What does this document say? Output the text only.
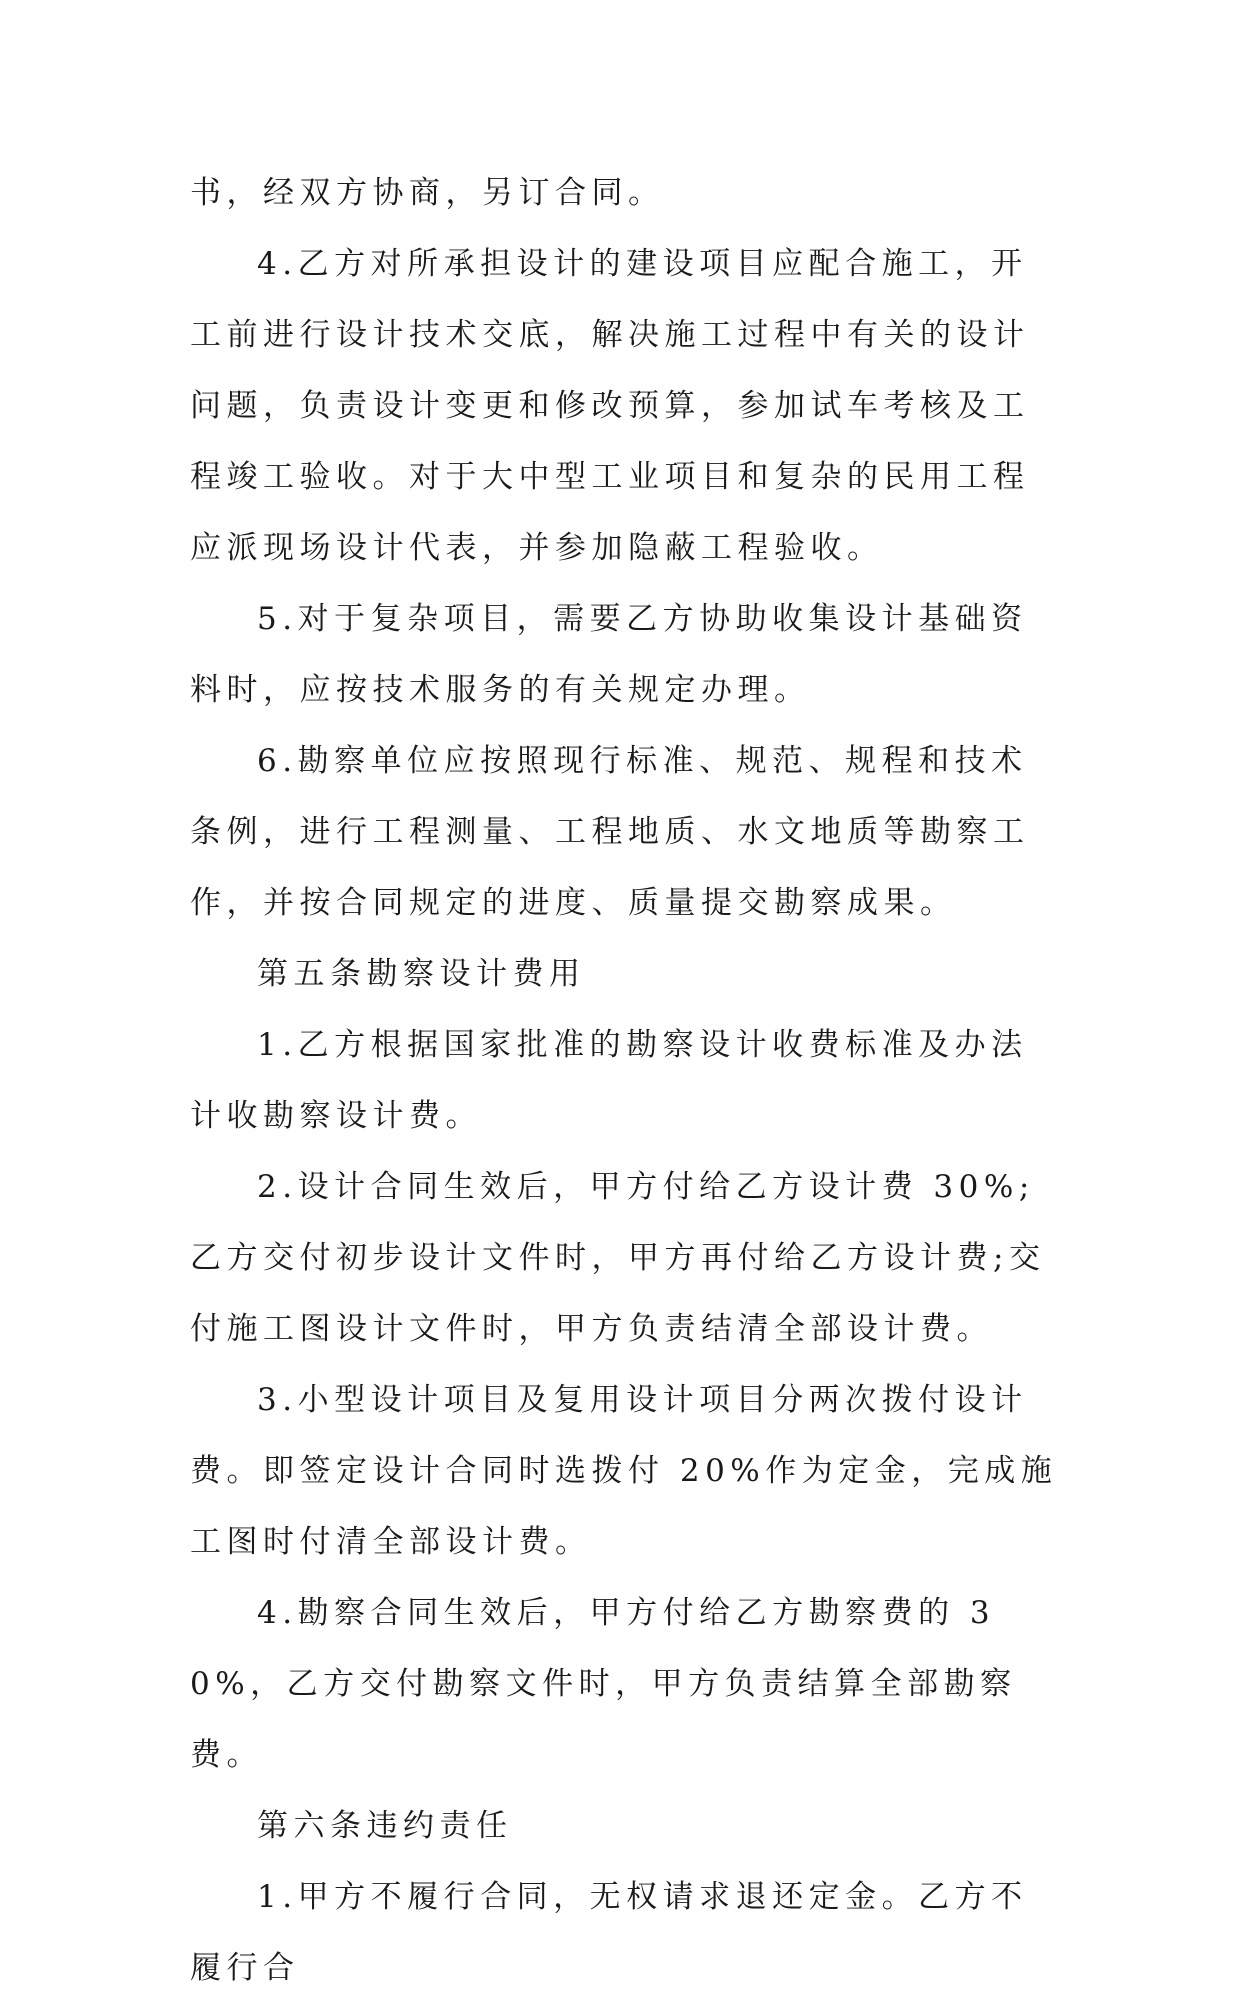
书，经双方协商，另订合同。

4.乙方对所承担设计的建设项目应配合施工，开工前进行设计技术交底，解决施工过程中有关的设计问题，负责设计变更和修改预算，参加试车考核及工程竣工验收。对于大中型工业项目和复杂的民用工程应派现场设计代表，并参加隐蔽工程验收。

5.对于复杂项目，需要乙方协助收集设计基础资料时，应按技术服务的有关规定办理。

6.勘察单位应按照现行标准、规范、规程和技术条例，进行工程测量、工程地质、水文地质等勘察工作，并按合同规定的进度、质量提交勘察成果。

第五条勘察设计费用

1.乙方根据国家批准的勘察设计收费标准及办法计收勘察设计费。

2.设计合同生效后，甲方付给乙方设计费 30%;乙方交付初步设计文件时，甲方再付给乙方设计费;交付施工图设计文件时，甲方负责结清全部设计费。

3.小型设计项目及复用设计项目分两次拨付设计费。即签定设计合同时选拨付 20%作为定金，完成施工图时付清全部设计费。

4.勘察合同生效后，甲方付给乙方勘察费的 30%，乙方交付勘察文件时，甲方负责结算全部勘察费。

第六条违约责任

1.甲方不履行合同，无权请求退还定金。乙方不履行合
